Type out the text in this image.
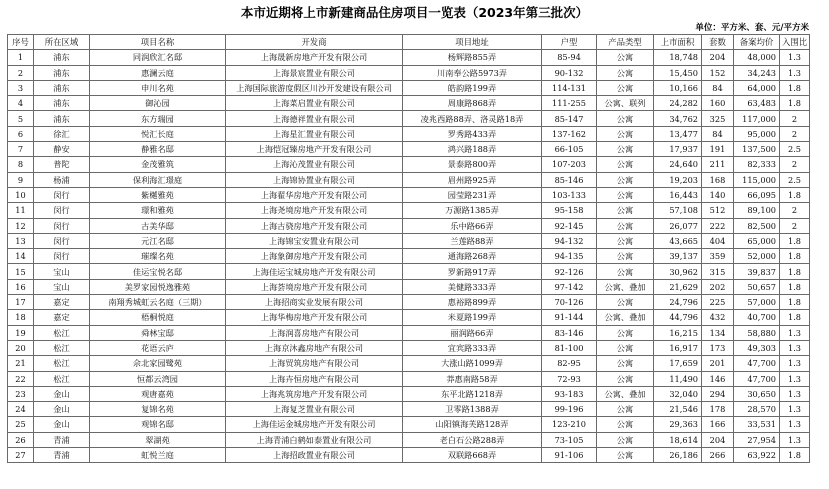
本市近期将上市新建商品住房项目一览表（2023年第三批次）
单位：平方米、套、元/平方米
序号	所在区域	项目名称	开发商	项目地址	户型	产品类型	上市面积	套数	备案均价	入围比
1	浦东	同润欣汇名邸	上海晟新房地产开发有限公司	杨辉路855弄	85-94	公寓	18,748	204	48,000	1.3
2	浦东	惠澜云庭	上海景宸置业有限公司	川南奉公路5973弄	90-132	公寓	15,450	152	34,243	1.3
3	浦东	申川名苑	上海国际旅游度假区川沙开发建设有限公司	皓韵路199弄	114-131	公寓	10,166	84	64,000	1.8
4	浦东	御沁园	上海菜启置业有限公司	周康路868弄	111-255	公寓、联列	24,282	160	63,483	1.8
5	浦东	东方瑞园	上海德祥置业有限公司	凌兆西路88弄、洛灵路18弄	85-147	公寓	34,762	325	117,000	2
6	徐汇	悦汇长庭	上海星汇置业有限公司	罗秀路433弄	137-162	公寓	13,477	84	95,000	2
7	静安	静雅名邸	上海恺冠臻房地产开发有限公司	鸿兴路188弄	66-105	公寓	17,937	191	137,500	2.5
8	普陀	金茂雅筑	上海沁茂置业有限公司	景泰路800弄	107-203	公寓	24,640	211	82,333	2
9	杨浦	保利海汇璟庭	上海锦协置业有限公司	眉州路925弄	85-146	公寓	19,203	168	115,000	2.5
10	闵行	紫樾雅苑	上海翟华房地产开发有限公司	园莹路231弄	103-133	公寓	16,443	140	66,095	1.8
11	闵行	璟和雅苑	上海尧境房地产开发有限公司	万源路1385弄	95-158	公寓	57,108	512	89,100	2
12	闵行	古美华邸	上海古骁房地产开发有限公司	乐中路66弄	92-145	公寓	26,077	222	82,500	2
13	闵行	元江名邸	上海锦宝安置业有限公司	兰莲路88弄	94-132	公寓	43,665	404	65,000	1.8
14	闵行	璀璨名苑	上海象御房地产开发有限公司	通海路268弄	94-135	公寓	39,137	359	52,000	1.8
15	宝山	佳运宝悦名邸	上海佳运宝城房地产开发有限公司	罗新路917弄	92-126	公寓	30,962	315	39,837	1.8
16	宝山	美罗家园悦逸雅苑	上海荟境房地产开发有限公司	美健路333弄	97-142	公寓、叠加	21,629	202	50,657	1.8
17	嘉定	南翔秀城虹云名庭（三期）	上海招商实业发展有限公司	惠裕路899弄	70-126	公寓	24,796	225	57,000	1.8
18	嘉定	梧桐悦庭	上海华梅房地产开发有限公司	米夏路199弄	91-144	公寓、叠加	44,796	432	40,700	1.8
19	松江	舜林宝邸	上海润喜房地产有限公司	丽润路66弄	83-146	公寓	16,215	134	58,880	1.3
20	松江	花语云庐	上海京沐鑫房地产有限公司	宜宾路333弄	81-100	公寓	16,917	173	49,303	1.3
21	松江	佘北家园鹭苑	上海贸筑房地产有限公司	大涨山路1099弄	82-95	公寓	17,659	201	47,700	1.3
22	松江	恒都云湾园	上海卉恒房地产有限公司	莽惠南路58弄	72-93	公寓	11,490	146	47,700	1.3
23	金山	观唐嘉苑	上海兆筑房地产开发有限公司	东平北路1218弄	93-183	公寓、叠加	32,040	294	30,650	1.3
24	金山	复锦名苑	上海复芝置业有限公司	卫零路1388弄	99-196	公寓	21,546	178	28,570	1.3
25	金山	观锦名邸	上海佳运金城房地产开发有限公司	山阳镇海芙路128弄	123-210	公寓	29,363	166	33,531	1.3
26	青浦	翠湖苑	上海青浦白鹤如泰置业有限公司	老白石公路288弄	73-105	公寓	18,614	204	27,954	1.3
27	青浦	虹悦兰庭	上海招政置业有限公司	双联路668弄	91-106	公寓	26,186	266	63,922	1.8
